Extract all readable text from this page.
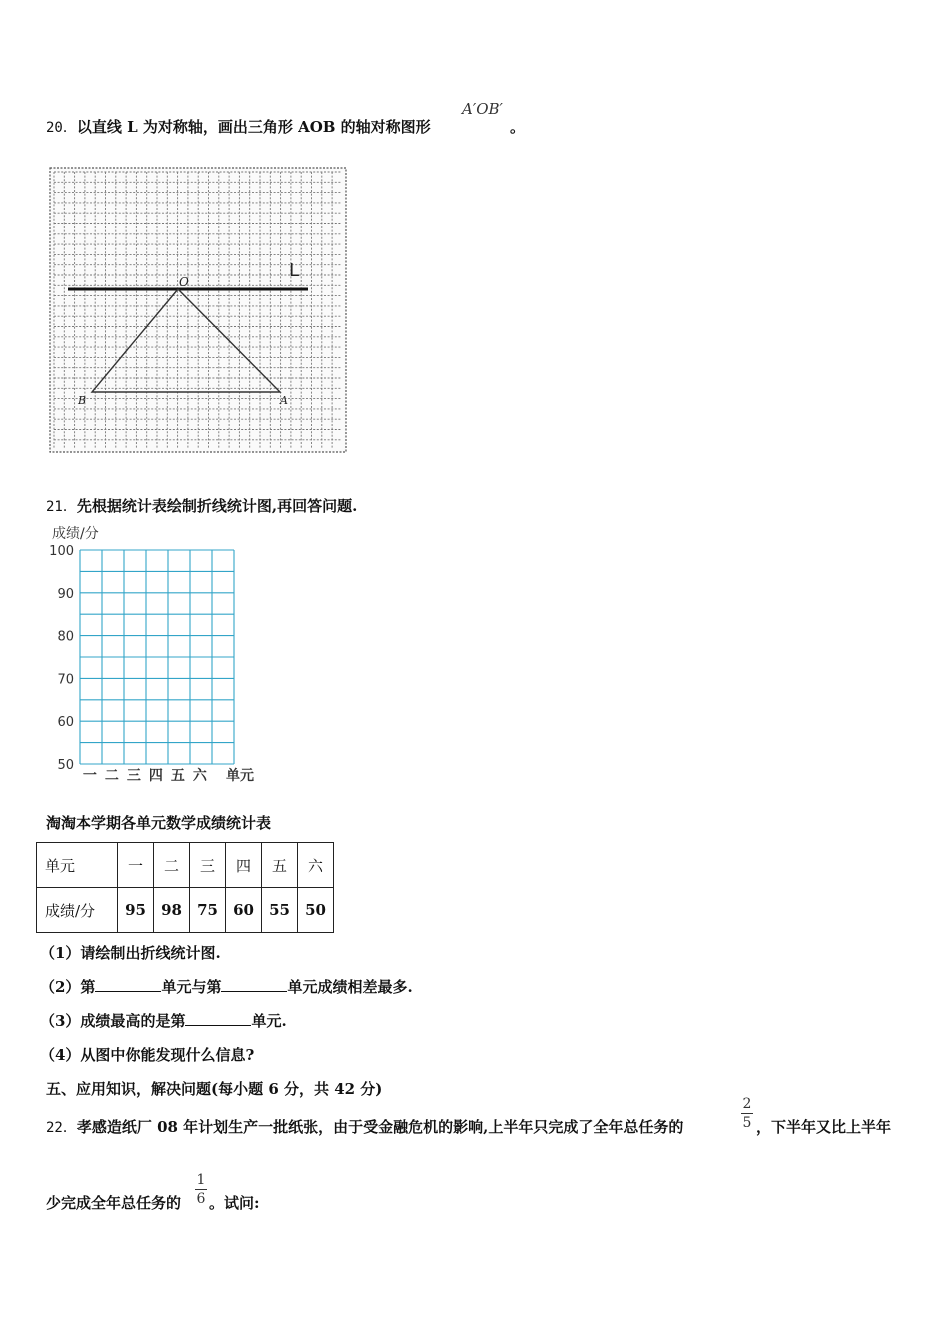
20．以直线 L 为对称轴，画出三角形 AOB 的轴对称图形
A′OB′
。
L
O
A
B
21．先根据统计表绘制折线统计图,再回答问题.
成绩/分
100
90
80
70
60
50
一 二 三 四 五 六 单元
淘淘本学期各单元数学成绩统计表
单元	一	二	三	四	五	六
成绩/分	95	98	75	60	55	50
（1）请绘制出折线统计图.
（2）第	单元与第	单元成绩相差最多.
（3）成绩最高的是第	单元.
（4）从图中你能发现什么信息?
五、应用知识，解决问题(每小题 6 分，共 42 分)
22．孝感造纸厂 08 年计划生产一批纸张，由于受金融危机的影响,上半年只完成了全年总任务的
2
5 ，下半年又比上半年
少完成全年总任务的
1
6 。试问:
